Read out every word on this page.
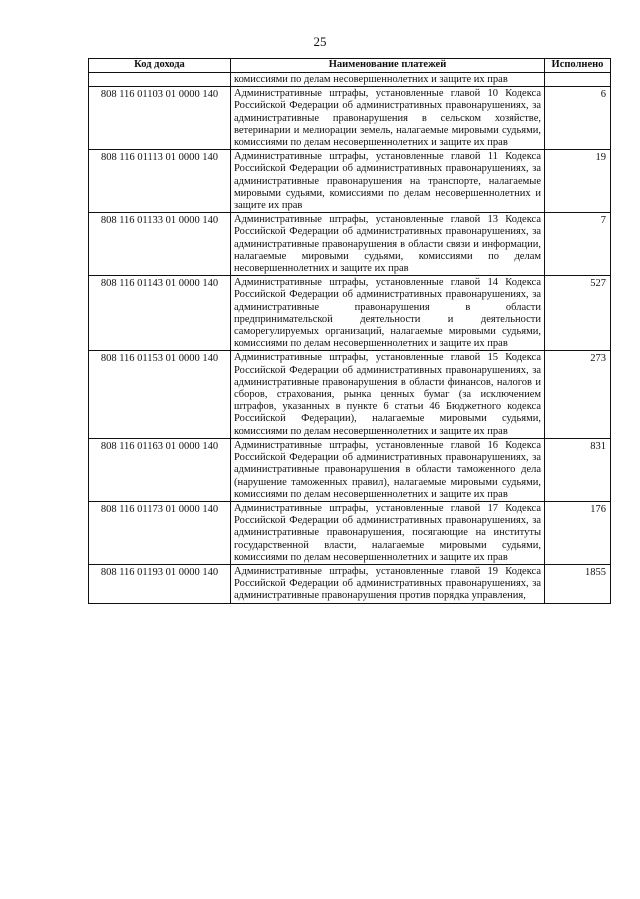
25
Код дохода	Наименование платежей	Исполнено
	комиссиями по делам несовершеннолетних и защите их прав	
808 116 01103 01 0000 140	Административные штрафы, установленные главой 10 Кодекса Российской Федерации об административных правонарушениях, за административные правонарушения в сельском хозяйстве, ветеринарии и мелиорации земель, налагаемые мировыми судьями, комиссиями по делам несовершеннолетних и защите их прав	6
808 116 01113 01 0000 140	Административные штрафы, установленные главой 11 Кодекса Российской Федерации об административных правонарушениях, за административные правонарушения на транспорте, налагаемые мировыми судьями, комиссиями по делам несовершеннолетних и защите их прав	19
808 116 01133 01 0000 140	Административные штрафы, установленные главой 13 Кодекса Российской Федерации об административных правонарушениях, за административные правонарушения в области связи и информации, налагаемые мировыми судьями, комиссиями по делам несовершеннолетних и защите их прав	7
808 116 01143 01 0000 140	Административные штрафы, установленные главой 14 Кодекса Российской Федерации об административных правонарушениях, за административные правонарушения в области предпринимательской деятельности и деятельности саморегулируемых организаций, налагаемые мировыми судьями, комиссиями по делам несовершеннолетних и защите их прав	527
808 116 01153 01 0000 140	Административные штрафы, установленные главой 15 Кодекса Российской Федерации об административных правонарушениях, за административные правонарушения в области финансов, налогов и сборов, страхования, рынка ценных бумаг (за исключением штрафов, указанных в пункте 6 статьи 46 Бюджетного кодекса Российской Федерации), налагаемые мировыми судьями, комиссиями по делам несовершеннолетних и защите их прав	273
808 116 01163 01 0000 140	Административные штрафы, установленные главой 16 Кодекса Российской Федерации об административных правонарушениях, за административные правонарушения в области таможенного дела (нарушение таможенных правил), налагаемые мировыми судьями, комиссиями по делам несовершеннолетних и защите их прав	831
808 116 01173 01 0000 140	Административные штрафы, установленные главой 17 Кодекса Российской Федерации об административных правонарушениях, за административные правонарушения, посягающие на институты государственной власти, налагаемые мировыми судьями, комиссиями по делам несовершеннолетних и защите их прав	176
808 116 01193 01 0000 140	Административные штрафы, установленные главой 19 Кодекса Российской Федерации об административных правонарушениях, за административные правонарушения против порядка управления,	1855
